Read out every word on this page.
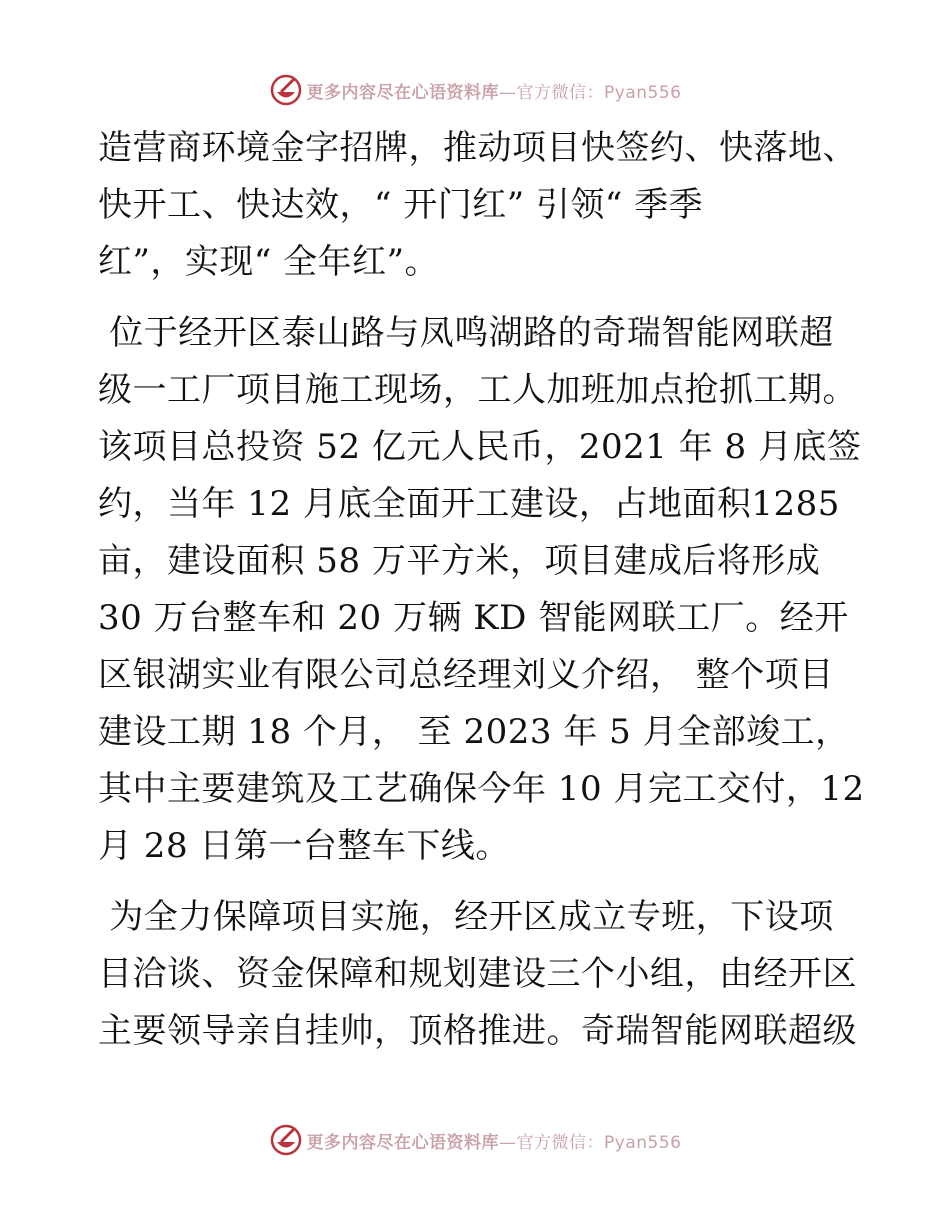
更多内容尽在心语资料库 —官方微信：Pyan556
造营商环境金字招牌，推动项目快签约、快落地、
快开工、快达效，“ 开门红” 引领“ 季季
红”，实现“ 全年红”。
位于经开区泰山路与凤鸣湖路的奇瑞智能网联超
级一工厂项目施工现场，工人加班加点抢抓工期。
该项目总投资 52 亿元人民币，2021 年 8 月底签
约，当年 12 月底全面开工建设，占地面积1285
亩，建设面积 58 万平方米，项目建成后将形成
30 万台整车和 20 万辆 KD 智能网联工厂。经开
区银湖实业有限公司总经理刘义介绍， 整个项目
建设工期 18 个月， 至 2023 年 5 月全部竣工，
其中主要建筑及工艺确保今年 10 月完工交付，12
月 28 日第一台整车下线。
为全力保障项目实施，经开区成立专班，下设项
目洽谈、资金保障和规划建设三个小组，由经开区
主要领导亲自挂帅，顶格推进。奇瑞智能网联超级
更多内容尽在心语资料库 —官方微信：Pyan556
